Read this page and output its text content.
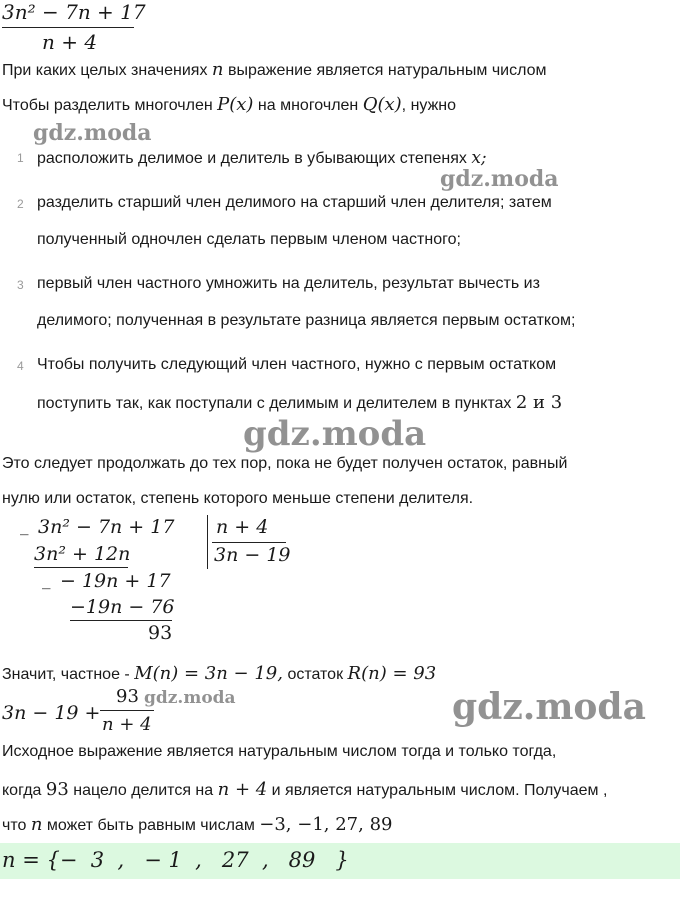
3n² − 7n + 17
n + 4
При каких целых значениях n выражение является натуральным числом
Чтобы разделить многочлен P(x) на многочлен Q(x), нужно
gdz.moda
1 расположить делимое и делитель в убывающих степенях x;
gdz.moda
2 разделить старший член делимого на старший член делителя; затем
полученный одночлен сделать первым членом частного;
3 первый член частного умножить на делитель, результат вычесть из
делимого; полученная в результате разница является первым остатком;
4 Чтобы получить следующий член частного, нужно с первым остатком
поступить так, как поступали с делимым и делителем в пунктах 2 и 3
gdz.moda
Это следует продолжать до тех пор, пока не будет получен остаток, равный
нулю или остаток, степень которого меньше степени делителя.
_ 3n² − 7n + 17
3n² + 12n
_ − 19n + 17
−19n − 76
93
n + 4
3n − 19
Значит, частное - M(n) = 3n − 19, остаток R(n) = 93
3n − 19 +
93
n + 4
gdz.moda	gdz.moda
Исходное выражение является натуральным числом тогда и только тогда,
когда 93 нацело делится на n + 4 и является натуральным числом. Получаем ,
что n может быть равным числам −3, −1, 27, 89
n = {−  3  ,   − 1  ,   27  ,   89   }
